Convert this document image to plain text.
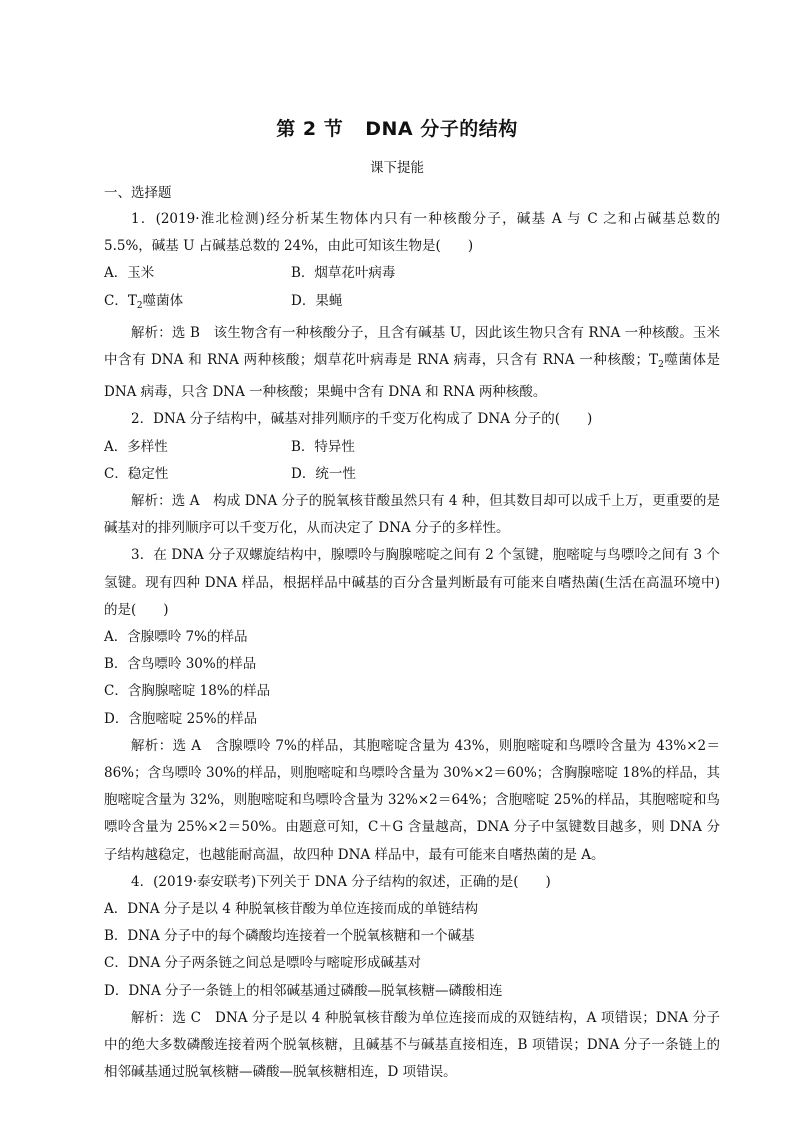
第 2 节 DNA 分子的结构
课下提能
一、选择题

1．(2019·淮北检测)经分析某生物体内只有一种核酸分子，碱基 A 与 C 之和占碱基总数的 5.5%，碱基 U 占碱基总数的 24%，由此可知该生物是(　　)

A．玉米	B．烟草花叶病毒
C．$T_2$噬菌体	D．果蝇

解析：选 B　该生物含有一种核酸分子，且含有碱基 U，因此该生物只含有 RNA 一种核酸。玉米中含有 DNA 和 RNA 两种核酸；烟草花叶病毒是 RNA 病毒，只含有 RNA 一种核酸；$T_2$噬菌体是 DNA 病毒，只含 DNA 一种核酸；果蝇中含有 DNA 和 RNA 两种核酸。

2．DNA 分子结构中，碱基对排列顺序的千变万化构成了 DNA 分子的(　　)

A．多样性	B．特异性
C．稳定性	D．统一性

解析：选 A　构成 DNA 分子的脱氧核苷酸虽然只有 4 种，但其数目却可以成千上万，更重要的是碱基对的排列顺序可以千变万化，从而决定了 DNA 分子的多样性。

3．在 DNA 分子双螺旋结构中，腺嘌呤与胸腺嘧啶之间有 2 个氢键，胞嘧啶与鸟嘌呤之间有 3 个氢键。现有四种 DNA 样品，根据样品中碱基的百分含量判断最有可能来自嗜热菌(生活在高温环境中)的是(　　)

A．含腺嘌呤 7%的样品

B．含鸟嘌呤 30%的样品

C．含胸腺嘧啶 18%的样品

D．含胞嘧啶 25%的样品

解析：选 A　含腺嘌呤 7%的样品，其胞嘧啶含量为 43%，则胞嘧啶和鸟嘌呤含量为 43%×2＝86%；含鸟嘌呤 30%的样品，则胞嘧啶和鸟嘌呤含量为 30%×2＝60%；含胸腺嘧啶 18%的样品，其胞嘧啶含量为 32%，则胞嘧啶和鸟嘌呤含量为 32%×2＝64%；含胞嘧啶 25%的样品，其胞嘧啶和鸟嘌呤含量为 25%×2＝50%。由题意可知，C＋G 含量越高，DNA 分子中氢键数目越多，则 DNA 分子结构越稳定，也越能耐高温，故四种 DNA 样品中，最有可能来自嗜热菌的是 A。

4．(2019·泰安联考)下列关于 DNA 分子结构的叙述，正确的是(　　)

A．DNA 分子是以 4 种脱氧核苷酸为单位连接而成的单链结构

B．DNA 分子中的每个磷酸均连接着一个脱氧核糖和一个碱基

C．DNA 分子两条链之间总是嘌呤与嘧啶形成碱基对

D．DNA 分子一条链上的相邻碱基通过磷酸—脱氧核糖—磷酸相连

解析：选 C　DNA 分子是以 4 种脱氧核苷酸为单位连接而成的双链结构，A 项错误；DNA 分子中的绝大多数磷酸连接着两个脱氧核糖，且碱基不与碱基直接相连，B 项错误；DNA 分子一条链上的相邻碱基通过脱氧核糖—磷酸—脱氧核糖相连，D 项错误。
